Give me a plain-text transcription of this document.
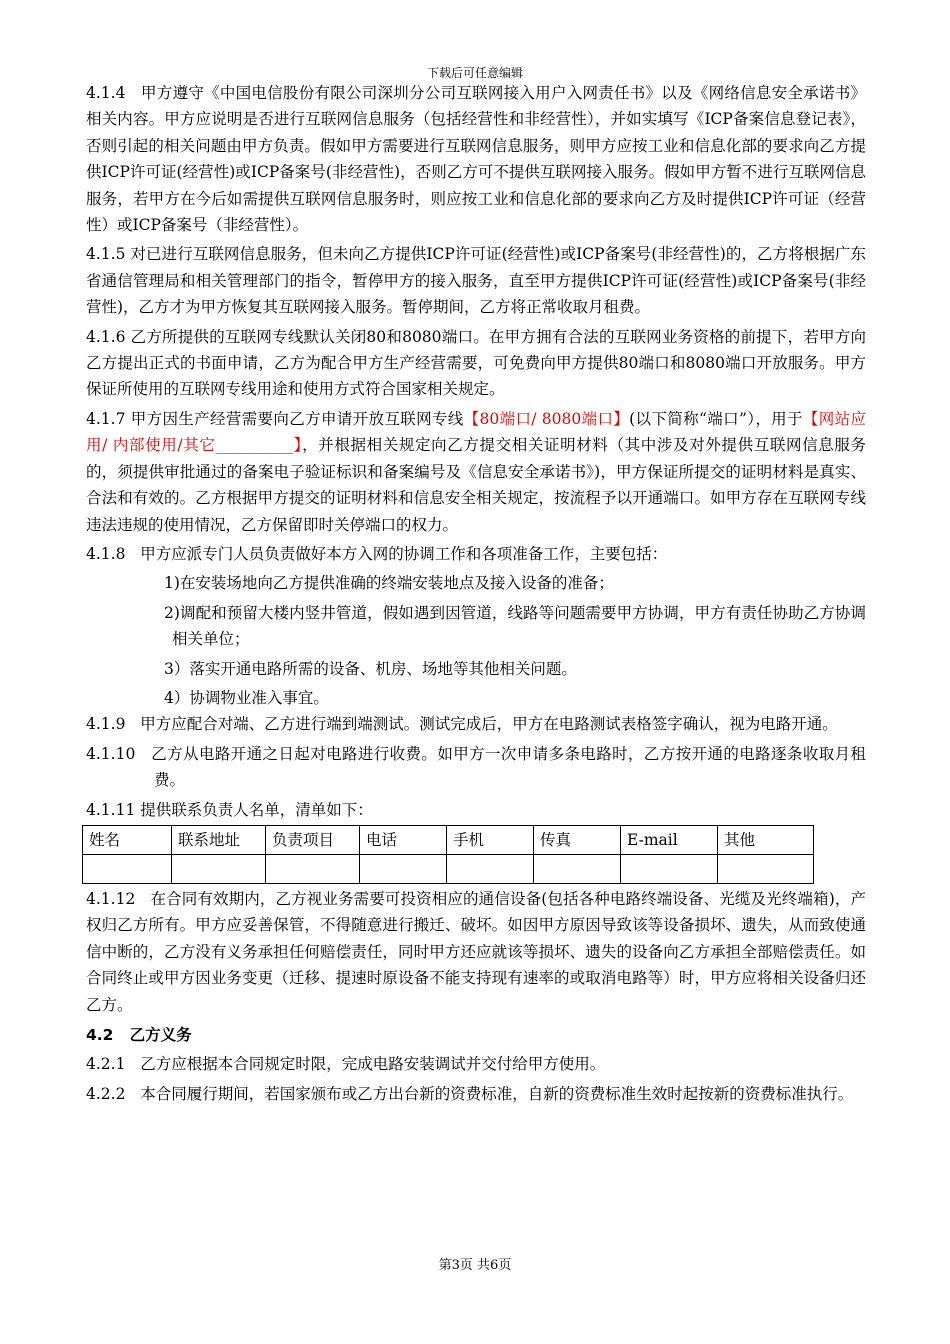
下载后可任意编辑

4.1.4 甲方遵守《中国电信股份有限公司深圳分公司互联网接入用户入网责任书》以及《网络信息安全承诺书》相关内容。甲方应说明是否进行互联网信息服务（包括经营性和非经营性），并如实填写《ICP备案信息登记表》，否则引起的相关问题由甲方负责。假如甲方需要进行互联网信息服务，则甲方应按工业和信息化部的要求向乙方提供ICP许可证(经营性)或ICP备案号(非经营性)，否则乙方可不提供互联网接入服务。假如甲方暂不进行互联网信息服务，若甲方在今后如需提供互联网信息服务时，则应按工业和信息化部的要求向乙方及时提供ICP许可证（经营性）或ICP备案号（非经营性）。

4.1.5 对已进行互联网信息服务，但未向乙方提供ICP许可证(经营性)或ICP备案号(非经营性)的，乙方将根据广东省通信管理局和相关管理部门的指令，暂停甲方的接入服务，直至甲方提供ICP许可证(经营性)或ICP备案号(非经营性)，乙方才为甲方恢复其互联网接入服务。暂停期间，乙方将正常收取月租费。

4.1.6 乙方所提供的互联网专线默认关闭80和8080端口。在甲方拥有合法的互联网业务资格的前提下，若甲方向乙方提出正式的书面申请，乙方为配合甲方生产经营需要，可免费向甲方提供80端口和8080端口开放服务。甲方保证所使用的互联网专线用途和使用方式符合国家相关规定。

4.1.7 甲方因生产经营需要向乙方申请开放互联网专线【80端口/ 8080端口】(以下简称“端口”），用于【网站应用/ 内部使用/其它__________】，并根据相关规定向乙方提交相关证明材料（其中涉及对外提供互联网信息服务的，须提供审批通过的备案电子验证标识和备案编号及《信息安全承诺书》)，甲方保证所提交的证明材料是真实、合法和有效的。乙方根据甲方提交的证明材料和信息安全相关规定，按流程予以开通端口。如甲方存在互联网专线违法违规的使用情况，乙方保留即时关停端口的权力。

4.1.8 甲方应派专门人员负责做好本方入网的协调工作和各项准备工作，主要包括：

1)在安装场地向乙方提供准确的终端安装地点及接入设备的准备；

2)调配和预留大楼内竖井管道，假如遇到因管道，线路等问题需要甲方协调，甲方有责任协助乙方协调相关单位；

3）落实开通电路所需的设备、机房、场地等其他相关问题。

4）协调物业准入事宜。

4.1.9 甲方应配合对端、乙方进行端到端测试。测试完成后，甲方在电路测试表格签字确认，视为电路开通。

4.1.10 乙方从电路开通之日起对电路进行收费。如甲方一次申请多条电路时，乙方按开通的电路逐条收取月租费。

4.1.11 提供联系负责人名单，清单如下：

姓名	联系地址	负责项目	电话	手机	传真	E-mail	其他

4.1.12 在合同有效期内，乙方视业务需要可投资相应的通信设备(包括各种电路终端设备、光缆及光终端箱)，产权归乙方所有。甲方应妥善保管，不得随意进行搬迁、破坏。如因甲方原因导致该等设备损坏、遗失，从而致使通信中断的，乙方没有义务承担任何赔偿责任，同时甲方还应就该等损坏、遗失的设备向乙方承担全部赔偿责任。如合同终止或甲方因业务变更（迁移、提速时原设备不能支持现有速率的或取消电路等）时，甲方应将相关设备归还乙方。

4.2 乙方义务

4.2.1 乙方应根据本合同规定时限，完成电路安装调试并交付给甲方使用。

4.2.2 本合同履行期间，若国家颁布或乙方出台新的资费标准，自新的资费标准生效时起按新的资费标准执行。

第3页 共6页
